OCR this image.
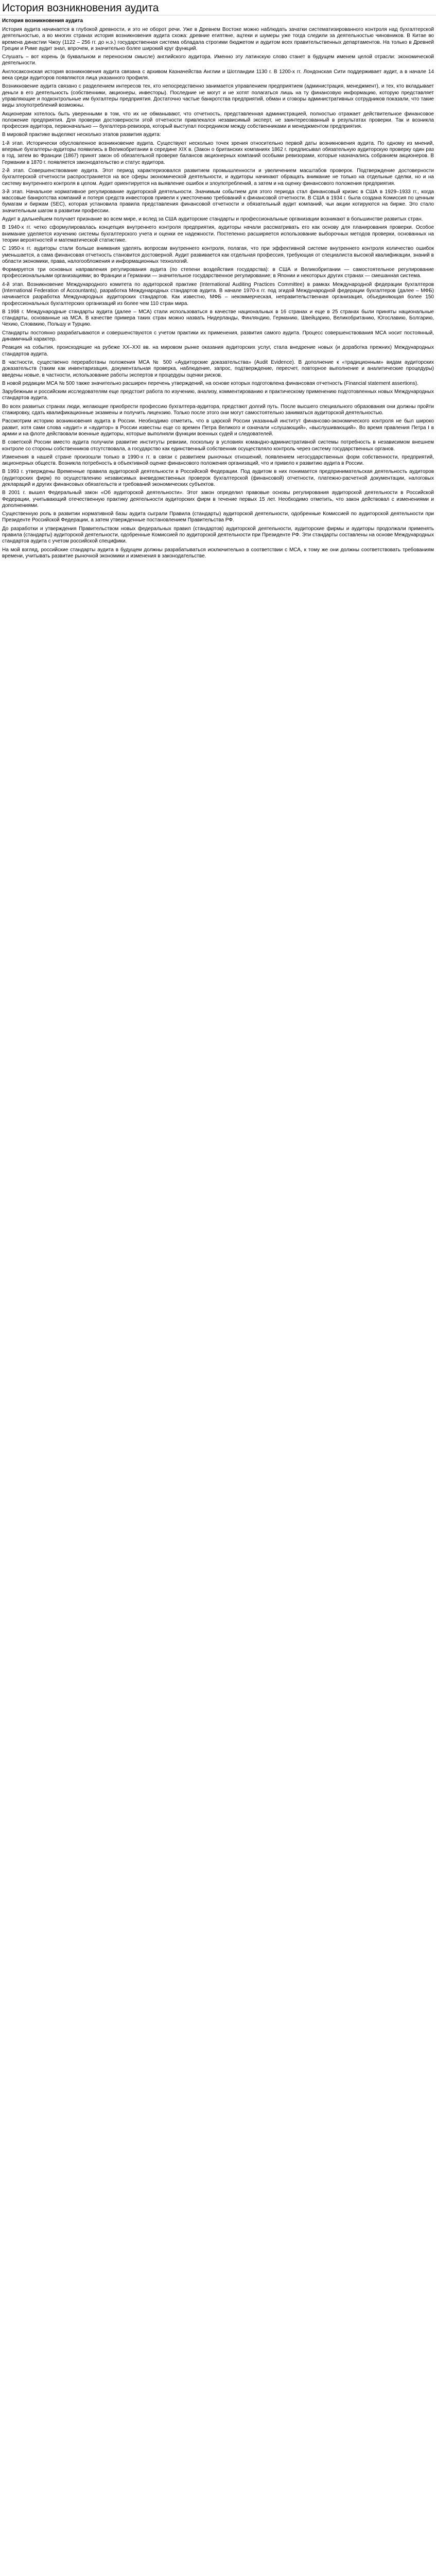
История возникновения аудита
История возникновения аудита

История аудита начинается в глубокой древности, и это не оборот речи. Уже в Древнем Востоке можно наблюдать зачатки систематизированного контроля над бухгалтерской деятельностью, а во многих странах история возникновения аудита схожа: древние египтяне, ацтеки и шумеры уже тогда следили за деятельностью чиновников. В Китае во времена династии Чжоу (1122 – 256 гг. до н.э.) государственная система обладала строгими бюджетом и аудитом всех правительственных департаментов. На только в Древней Греции и Риме аудит знал, впрочем, и значительно более широкий круг функций.

Слушать – вот корень (в буквальном и переносном смысле) английского аудитора. Именно эту латинскую слово станет в будущем именем целой отрасли: экономической деятельности.

Англосаксонская история возникновения аудита связана с архивом Казначейства Англии и Шотландии 1130 г. В 1200-х гг. Лондонская Сити поддерживает аудит, а в начале 14 века среди аудиторов появляются лица указанного профиля.

Возникновение аудита связано с разделением интересов тех, кто непосредственно занимается управлением предприятием (администрация, менеджмент), и тех, кто вкладывает деньги в его деятельность (собственники, акционеры, инвесторы). Последние не могут и не хотят полагаться лишь на ту финансовую информацию, которую представляет управляющие и подконтрольные им бухгалтеры предприятия. Достаточно частые банкротства предприятий, обман и сговоры административных сотрудников показали, что такие виды злоупотреблений возможны.

Акционерам хотелось быть уверенными в том, что их не обманывают, что отчетность, представленная администрацией, полностью отражает действительное финансовое положение предприятия. Для проверки достоверности этой отчетности привлекался независимый эксперт, не заинтересованный в результатах проверки. Так и возникла профессия аудитора, первоначально — бухгалтера-ревизора, который выступал посредником между собственниками и менеджментом предприятия.

В мировой практике выделяют несколько этапов развития аудита:

1-й этап. Исторически обусловленное возникновение аудита. Существуют несколько точек зрения относительно первой даты возникновения аудита. По одному из мнений, впервые бухгалтеры-аудиторы появились в Великобритании в середине XIX в. (Закон о британских компаниях 1862 г. предписывал обязательную аудиторскую проверку один раз в год, затем во Франции (1867) принят закон об обязательной проверке балансов акционерных компаний особыми ревизорами, которые назначались собранием акционеров. В Германии в 1870 г. появляется законодательство и статус аудитора.

2-й этап. Совершенствование аудита. Этот период характеризовался развитием промышленности и увеличением масштабов проверок. Подтверждение достоверности бухгалтерской отчетности распространяется на все сферы экономической деятельности, и аудиторы начинают обращать внимание не только на отдельные сделки, но и на систему внутреннего контроля в целом. Аудит ориентируется на выявление ошибок и злоупотреблений, а затем и на оценку финансового положения предприятия.

3-й этап. Начальное нормативное регулирование аудиторской деятельности. Значимым событием для этого периода стал финансовый кризис в США в 1929–1933 гг., когда массовые банкротства компаний и потеря средств инвесторов привели к ужесточению требований к финансовой отчетности. В США в 1934 г. была создана Комиссия по ценным бумагам и биржам (SEC), которая установила правила представления финансовой отчетности и обязательный аудит компаний, чьи акции котируются на бирже. Это стало значительным шагом в развитии профессии.

Аудит в дальнейшем получает признание во всем мире, и вслед за США аудиторские стандарты и профессиональные организации возникают в большинстве развитых стран.

В 1940-х гг. четко сформулировалась концепция внутреннего контроля предприятия, аудиторы начали рассматривать его как основу для планирования проверки. Особое внимание уделяется изучению системы бухгалтерского учета и оценки ее надежности. Постепенно расширяется использование выборочных методов проверки, основанных на теории вероятностей и математической статистике.

С 1950-х гг. аудиторы стали больше внимания уделять вопросам внутреннего контроля, полагая, что при эффективной системе внутреннего контроля количество ошибок уменьшается, а сама финансовая отчетность становится достоверной. Аудит развивается как отдельная профессия, требующая от специалиста высокой квалификации, знаний в области экономики, права, налогообложения и информационных технологий.

Формируется три основных направления регулирования аудита (по степени воздействия государства): в США и Великобритании — самостоятельное регулирование профессиональными организациями; во Франции и Германии — значительное государственное регулирование; в Японии и некоторых других странах — смешанная система.

4-й этап. Возникновение Международного комитета по аудиторской практике (International Auditing Practices Committee) в рамках Международной федерации бухгалтеров (International Federation of Accountants), разработка Международных стандартов аудита. В начале 1970-х гг. под эгидой Международной федерации бухгалтеров (далее – МФБ) начинается разработка Международных аудиторских стандартов. Как известно, МФБ – некоммерческая, неправительственная организация, объединяющая более 150 профессиональных бухгалтерских организаций из более чем 110 стран мира.

В 1998 г. Международные стандарты аудита (далее – МСА) стали использоваться в качестве национальных в 16 странах и еще в 25 странах были приняты национальные стандарты, основанные на МСА. В качестве примера таких стран можно назвать Нидерланды, Финляндию, Германию, Швейцарию, Великобританию, Югославию, Болгарию, Чехию, Словакию, Польшу и Турцию.

Стандарты постоянно разрабатываются и совершенствуются с учетом практики их применения, развития самого аудита. Процесс совершенствования МСА носит постоянный, динамичный характер.

Реакция на события, происходящие на рубеже XX–XXI вв. на мировом рынке оказания аудиторских услуг, стала внедрение новых (и доработка прежних) Международных стандартов аудита.

В частности, существенно переработаны положения МСА № 500 «Аудиторские доказательства» (Audit Evidence). В дополнение к «традиционным» видам аудиторских доказательств (таким как инвентаризация, документальная проверка, наблюдение, запрос, подтверждение, пересчет, повторное выполнение и аналитические процедуры) введены новые, в частности, использование работы экспертов и процедуры оценки рисков.

В новой редакции МСА № 500 также значительно расширен перечень утверждений, на основе которых подготовлена финансовая отчетность (Financial statement assertions).

Зарубежным и российским исследователям еще предстоит работа по изучению, анализу, комментированию и практическому применению подготовленных новых Международных стандартов аудита.

Во всех развитых странах люди, желающие приобрести профессию бухгалтера-аудитора, предстают долгий путь. После высшего специального образования они должны пройти стажировку, сдать квалификационные экзамены и получить лицензию. Только после этого они могут самостоятельно заниматься аудиторской деятельностью.

Рассмотрим историю возникновения аудита в России. Необходимо отметить, что в царской России указанный институт финансово-экономического контроля не был широко развит, хотя сами слова «аудит» и «аудитор» в России известны еще со времен Петра Великого и означали «слушающий», «выслушивающий». Во время правления Петра I в армии и на флоте действовали военные аудиторы, которые выполняли функции военных судей и следователей.

В советской России вместо аудита получили развитие институты ревизии, поскольку в условиях командно-административной системы потребность в независимом внешнем контроле со стороны собственников отсутствовала, а государство как единственный собственник осуществляло контроль через систему государственных органов.

Изменения в нашей стране произошли только в 1990-х гг. в связи с развитием рыночных отношений, появлением негосударственных форм собственности, предприятий, акционерных обществ. Возникла потребность в объективной оценке финансового положения организаций, что и привело к развитию аудита в России.

В 1993 г. утверждены Временные правила аудиторской деятельности в Российской Федерации. Под аудитом в них понимается предпринимательская деятельность аудиторов (аудиторских фирм) по осуществлению независимых вневедомственных проверок бухгалтерской (финансовой) отчетности, платежно-расчетной документации, налоговых деклараций и других финансовых обязательств и требований экономических субъектов.

В 2001 г. вышел Федеральный закон «Об аудиторской деятельности». Этот закон определил правовые основы регулирования аудиторской деятельности в Российской Федерации, учитывающий отечественную практику деятельности аудиторских фирм в течение первых 15 лет. Необходимо отметить, что закон действовал с изменениями и дополнениями.

Существенную роль в развитии нормативной базы аудита сыграли Правила (стандарты) аудиторской деятельности, одобренные Комиссией по аудиторской деятельности при Президенте Российской Федерации, а затем утвержденные постановлением Правительства РФ.

До разработки и утверждения Правительством новых федеральных правил (стандартов) аудиторской деятельности, аудиторские фирмы и аудиторы продолжали применять правила (стандарты) аудиторской деятельности, одобренные Комиссией по аудиторской деятельности при Президенте РФ. Эти стандарты составлены на основе Международных стандартов аудита с учетом российской специфики.

На мой взгляд, российские стандарты аудита в будущем должны разрабатываться исключительно в соответствии с МСА, к тому же они должны соответствовать требованиям времени, учитывать развитие рыночной экономики и изменения в законодательстве.
